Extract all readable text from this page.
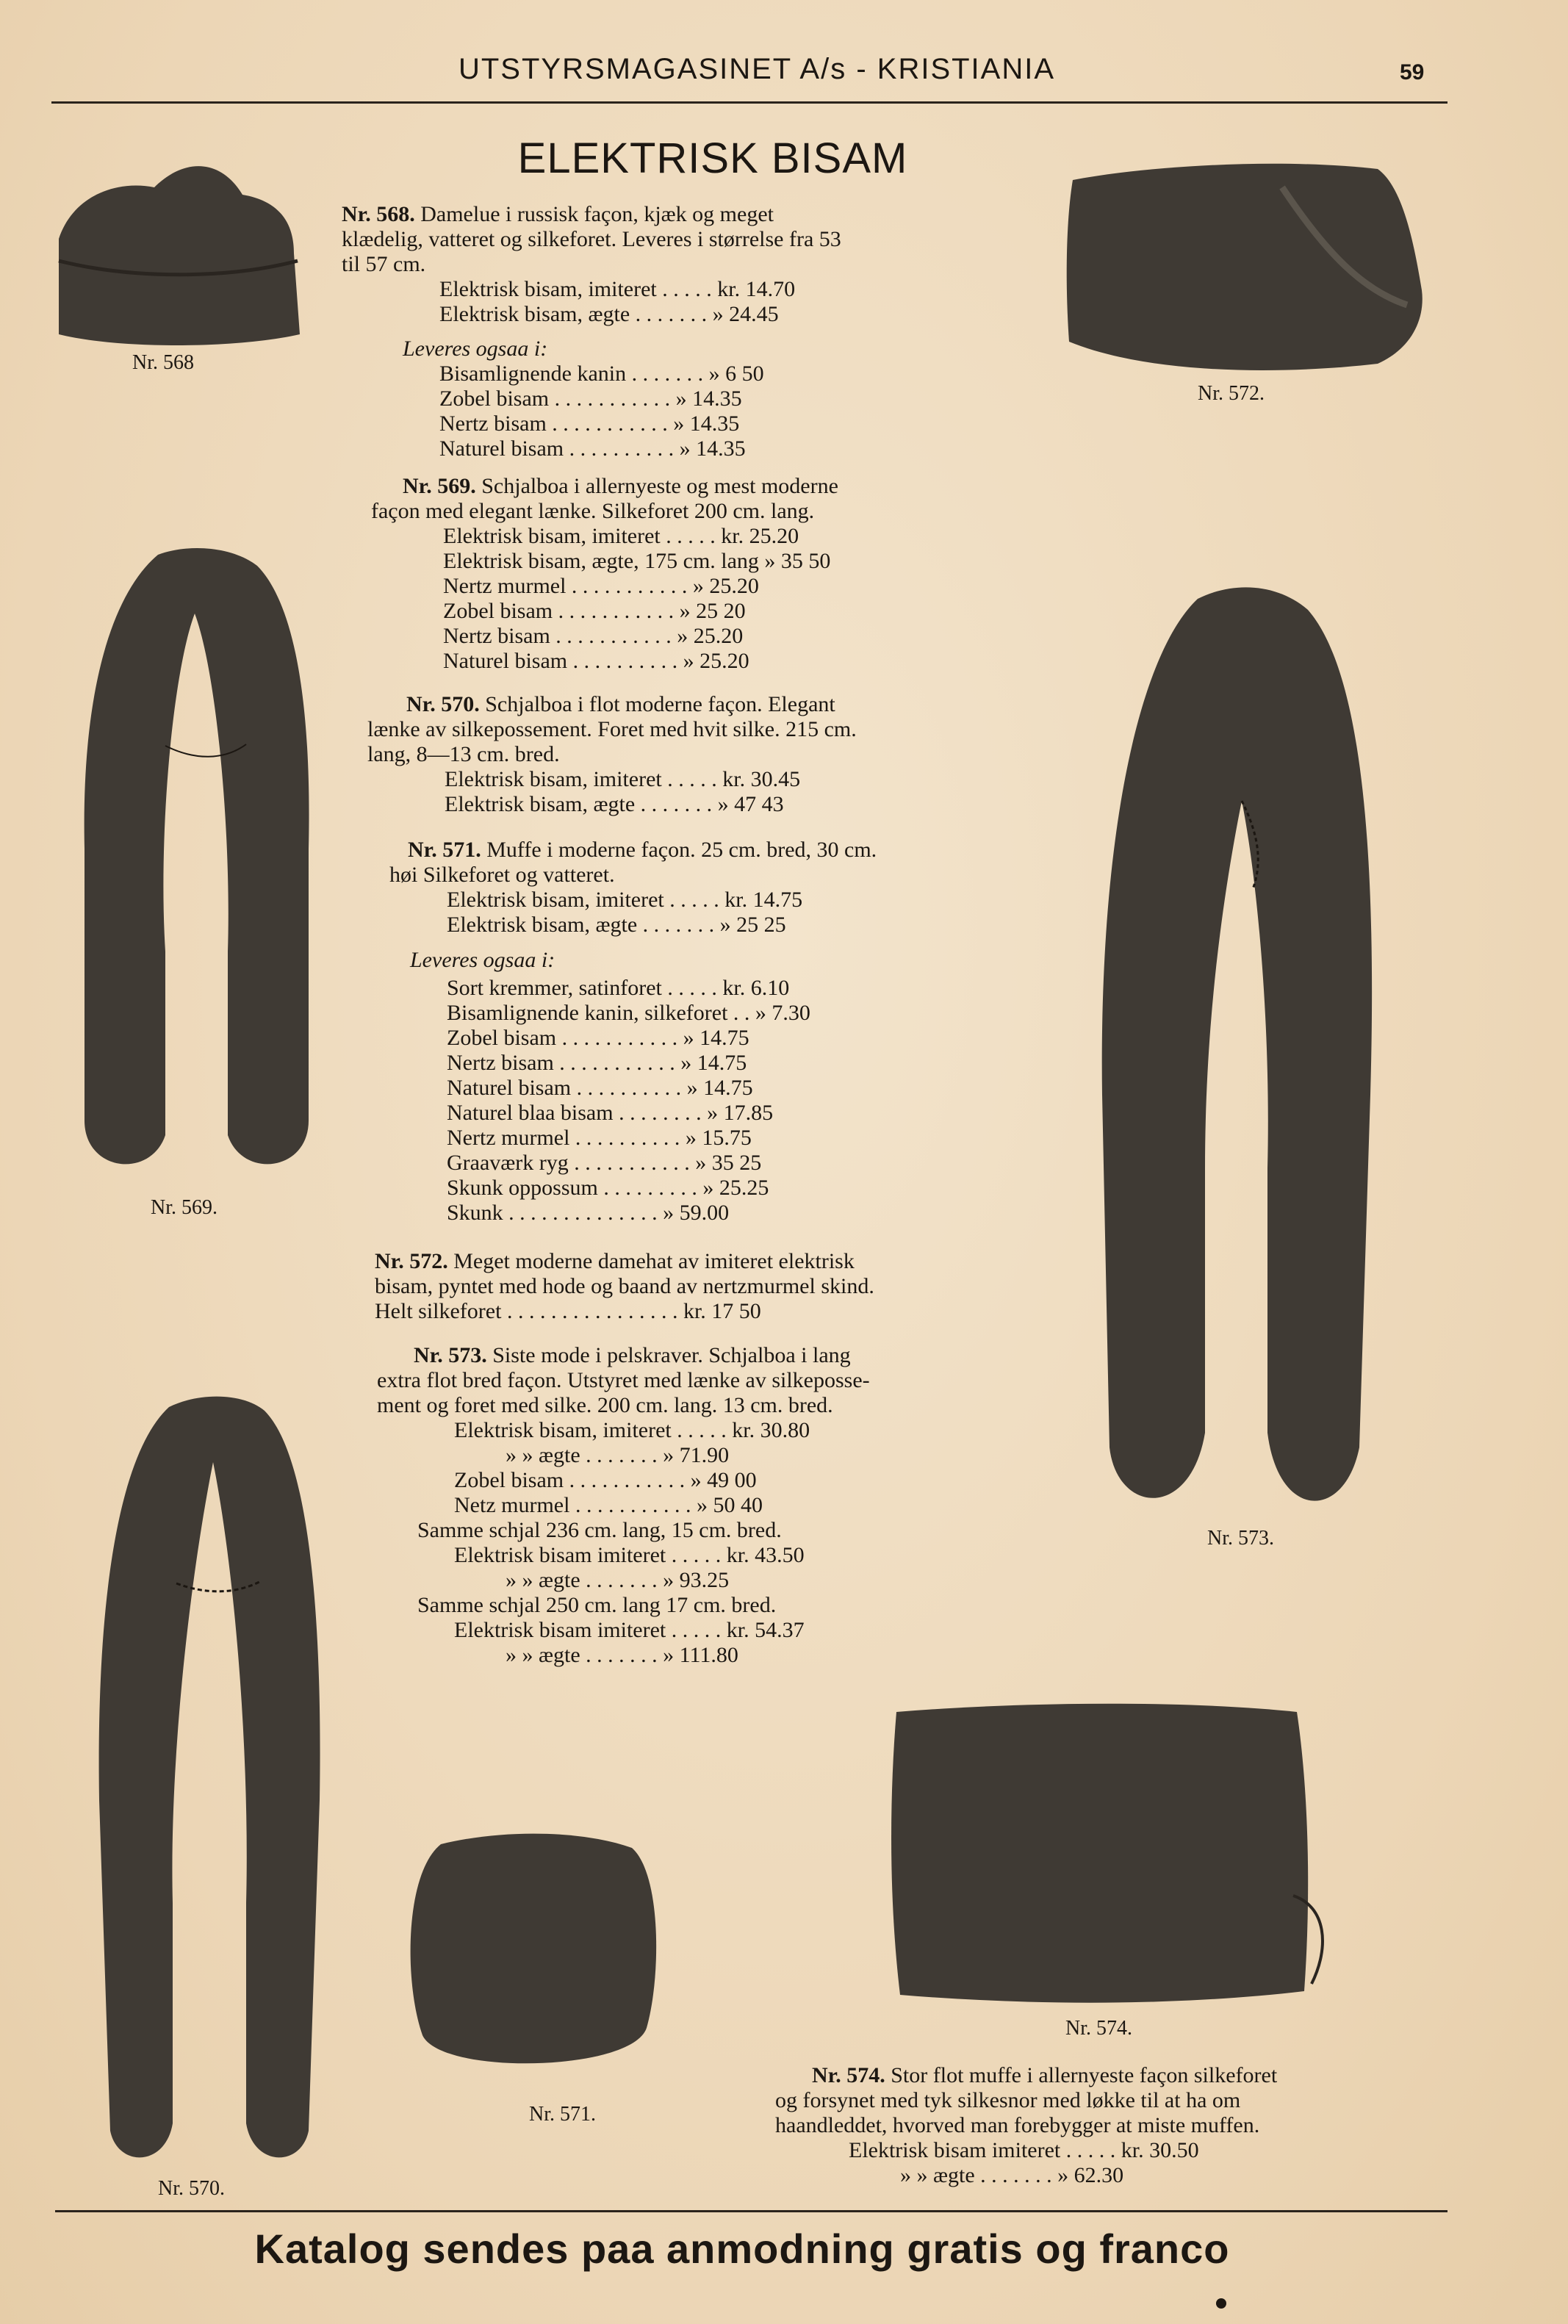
UTSTYRSMAGASINET A/s - KRISTIANIA	59
ELEKTRISK BISAM
Nr. 568
Nr. 569.
Nr. 570.
Nr. 571.
Nr. 572.
Nr. 573.
Nr. 574.
Nr. 568. Damelue i russisk façon, kjæk og meget
klædelig, vatteret og silkeforet. Leveres i størrelse fra 53
til 57 cm.
Elektrisk bisam, imiteret . . . . . kr. 14.70
Elektrisk bisam, ægte . . . . . . . » 24.45
Leveres ogsaa i:
Bisamlignende kanin . . . . . . . » 6 50
Zobel bisam . . . . . . . . . . . » 14.35
Nertz bisam . . . . . . . . . . . » 14.35
Naturel bisam . . . . . . . . . . » 14.35
Nr. 569. Schjalboa i allernyeste og mest moderne
façon med elegant lænke. Silkeforet 200 cm. lang.
Elektrisk bisam, imiteret . . . . . kr. 25.20
Elektrisk bisam, ægte, 175 cm. lang » 35 50
Nertz murmel . . . . . . . . . . . » 25.20
Zobel bisam . . . . . . . . . . . » 25 20
Nertz bisam . . . . . . . . . . . » 25.20
Naturel bisam . . . . . . . . . . » 25.20
Nr. 570. Schjalboa i flot moderne façon. Elegant
lænke av silkepossement. Foret med hvit silke. 215 cm.
lang, 8—13 cm. bred.
Elektrisk bisam, imiteret . . . . . kr. 30.45
Elektrisk bisam, ægte . . . . . . . » 47 43
Nr. 571. Muffe i moderne façon. 25 cm. bred, 30 cm.
høi Silkeforet og vatteret.
Elektrisk bisam, imiteret . . . . . kr. 14.75
Elektrisk bisam, ægte . . . . . . . » 25 25
Leveres ogsaa i:
Sort kremmer, satinforet . . . . . kr. 6.10
Bisamlignende kanin, silkeforet . . » 7.30
Zobel bisam . . . . . . . . . . . » 14.75
Nertz bisam . . . . . . . . . . . » 14.75
Naturel bisam . . . . . . . . . . » 14.75
Naturel blaa bisam . . . . . . . . » 17.85
Nertz murmel . . . . . . . . . . » 15.75
Graaværk ryg . . . . . . . . . . . » 35 25
Skunk oppossum . . . . . . . . . » 25.25
Skunk . . . . . . . . . . . . . . » 59.00
Nr. 572. Meget moderne damehat av imiteret elektrisk
bisam, pyntet med hode og baand av nertzmurmel skind.
Helt silkeforet . . . . . . . . . . . . . . . . kr. 17 50
Nr. 573. Siste mode i pelskraver. Schjalboa i lang
extra flot bred façon. Utstyret med lænke av silkeposse-
ment og foret med silke. 200 cm. lang. 13 cm. bred.
Elektrisk bisam, imiteret . . . . . kr. 30.80
» » ægte . . . . . . . » 71.90
Zobel bisam . . . . . . . . . . . » 49 00
Netz murmel . . . . . . . . . . . » 50 40
Samme schjal 236 cm. lang, 15 cm. bred.
Elektrisk bisam imiteret . . . . . kr. 43.50
» » ægte . . . . . . . » 93.25
Samme schjal 250 cm. lang 17 cm. bred.
Elektrisk bisam imiteret . . . . . kr. 54.37
» » ægte . . . . . . . » 111.80
Nr. 574. Stor flot muffe i allernyeste façon silkeforet
og forsynet med tyk silkesnor med løkke til at ha om
haandleddet, hvorved man forebygger at miste muffen.
Elektrisk bisam imiteret . . . . . kr. 30.50
» » ægte . . . . . . . » 62.30
Katalog sendes paa anmodning gratis og franco
